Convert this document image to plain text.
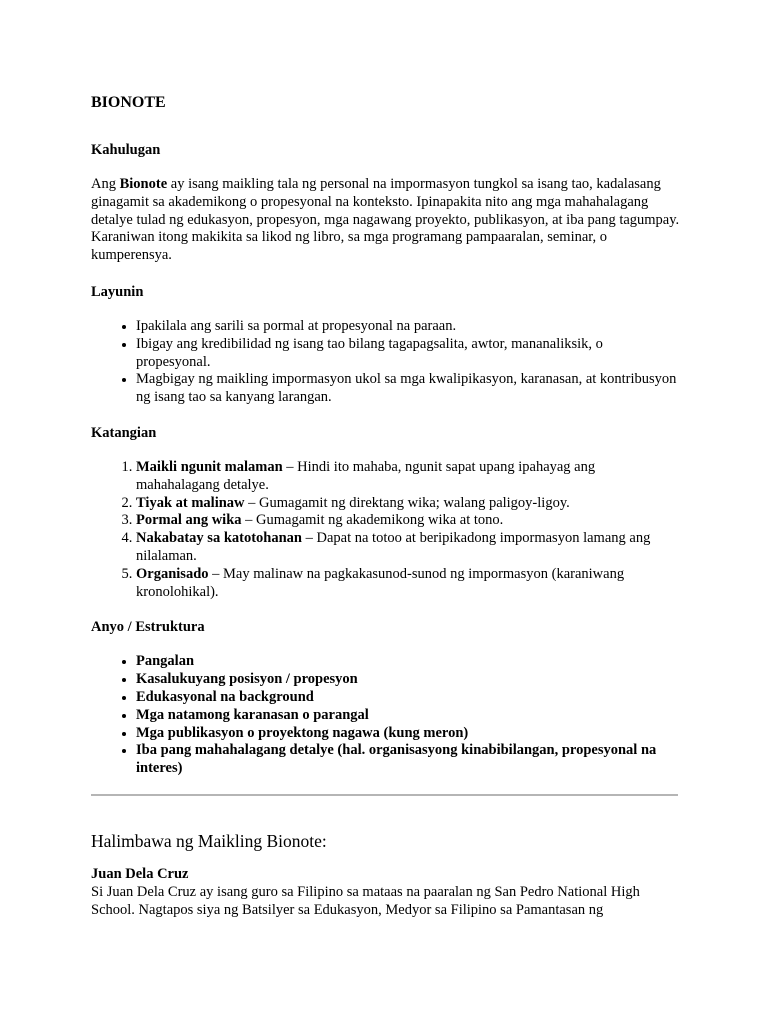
BIONOTE
Kahulugan

Ang Bionote ay isang maikling tala ng personal na impormasyon tungkol sa isang tao, kadalasang ginagamit sa akademikong o propesyonal na konteksto. Ipinapakita nito ang mga mahahalagang detalye tulad ng edukasyon, propesyon, mga nagawang proyekto, publikasyon, at iba pang tagumpay. Karaniwan itong makikita sa likod ng libro, sa mga programang pampaaralan, seminar, o kumperensya.

Layunin
• Ipakilala ang sarili sa pormal at propesyonal na paraan.
• Ibigay ang kredibilidad ng isang tao bilang tagapagsalita, awtor, mananaliksik, o propesyonal.
• Magbigay ng maikling impormasyon ukol sa mga kwalipikasyon, karanasan, at kontribusyon ng isang tao sa kanyang larangan.
Katangian
1. Maikli ngunit malaman – Hindi ito mahaba, ngunit sapat upang ipahayag ang mahahalagang detalye.
2. Tiyak at malinaw – Gumagamit ng direktang wika; walang paligoy-ligoy.
3. Pormal ang wika – Gumagamit ng akademikong wika at tono.
4. Nakabatay sa katotohanan – Dapat na totoo at beripikadong impormasyon lamang ang nilalaman.
5. Organisado – May malinaw na pagkakasunod-sunod ng impormasyon (karaniwang kronolohikal).
Anyo / Estruktura
• Pangalan
• Kasalukuyang posisyon / propesyon
• Edukasyonal na background
• Mga natamong karanasan o parangal
• Mga publikasyon o proyektong nagawa (kung meron)
• Iba pang mahahalagang detalye (hal. organisasyong kinabibilangan, propesyonal na interes)
Halimbawa ng Maikling Bionote:
Juan Dela Cruz

Si Juan Dela Cruz ay isang guro sa Filipino sa mataas na paaralan ng San Pedro National High School. Nagtapos siya ng Batsilyer sa Edukasyon, Medyor sa Filipino sa Pamantasan ng
